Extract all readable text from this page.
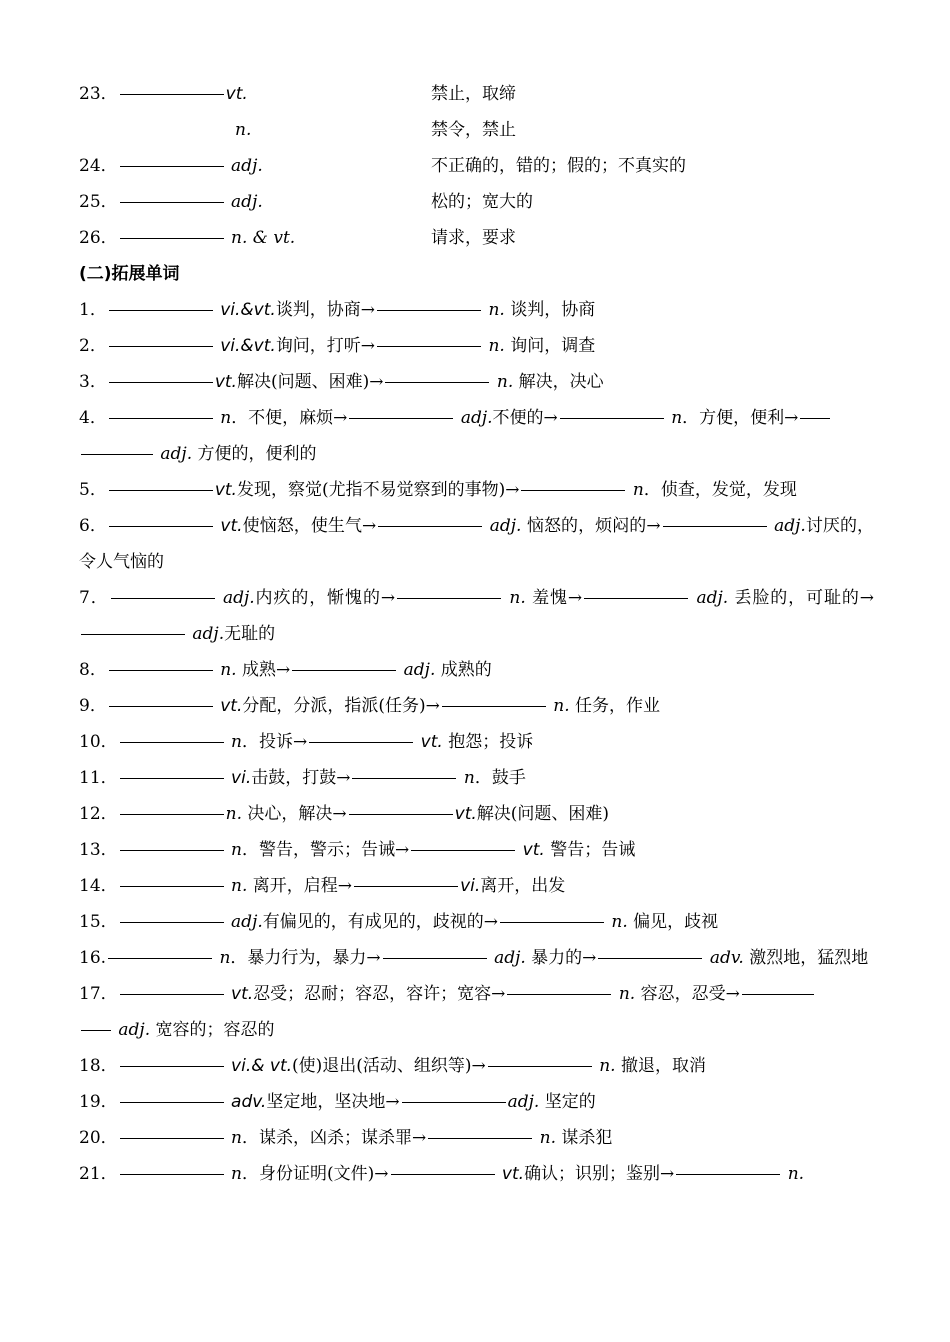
23．	vt.	禁止，取缔
n.	禁令，禁止
24．	adj.	不正确的，错的；假的；不真实的
25．	adj.	松的；宽大的
26．	n. & vt.	请求，要求
(二)拓展单词
1．	vi.&vt.谈判，协商→	n. 谈判，协商
2．	vi.&vt.询问，打听→	n. 询问，调查
3．	vt.解决(问题、困难)→	n. 解决，决心
4．	n．不便，麻烦→	adj.不便的→	n．方便，便利→
adj. 方便的，便利的
5．	vt.发现，察觉(尤指不易觉察到的事物)→	n．侦查，发觉，发现
6．	vt.使恼怒，使生气→	adj. 恼怒的，烦闷的→	adj.讨厌的，令人气恼的
7．	adj.内疚的，惭愧的→	n. 羞愧→	adj. 丢脸的，可耻的→ adj.无耻的
8．	n. 成熟→	adj. 成熟的
9．	vt.分配，分派，指派(任务)→	n. 任务，作业
10．	n．投诉→	vt. 抱怨；投诉
11．	vi.击鼓，打鼓→	n．鼓手
12．	n. 决心，解决→	vt.解决(问题、困难)
13．	n．警告，警示；告诫→	vt. 警告；告诫
14．	n. 离开，启程→	vi.离开，出发
15．	adj.有偏见的，有成见的，歧视的→	n. 偏见，歧视
16.	n．暴力行为，暴力→	adj. 暴力的→	adv. 激烈地，猛烈地
17．	vt.忍受；忍耐；容忍，容许；宽容→	n. 容忍，忍受→
adj. 宽容的；容忍的
18．	vi.& vt.(使)退出(活动、组织等)→	n. 撤退，取消
19．	adv.坚定地，坚决地→	adj. 坚定的
20．	n．谋杀，凶杀；谋杀罪→	n. 谋杀犯
21．	n．身份证明(文件)→	vt.确认；识别；鉴别→	n.
